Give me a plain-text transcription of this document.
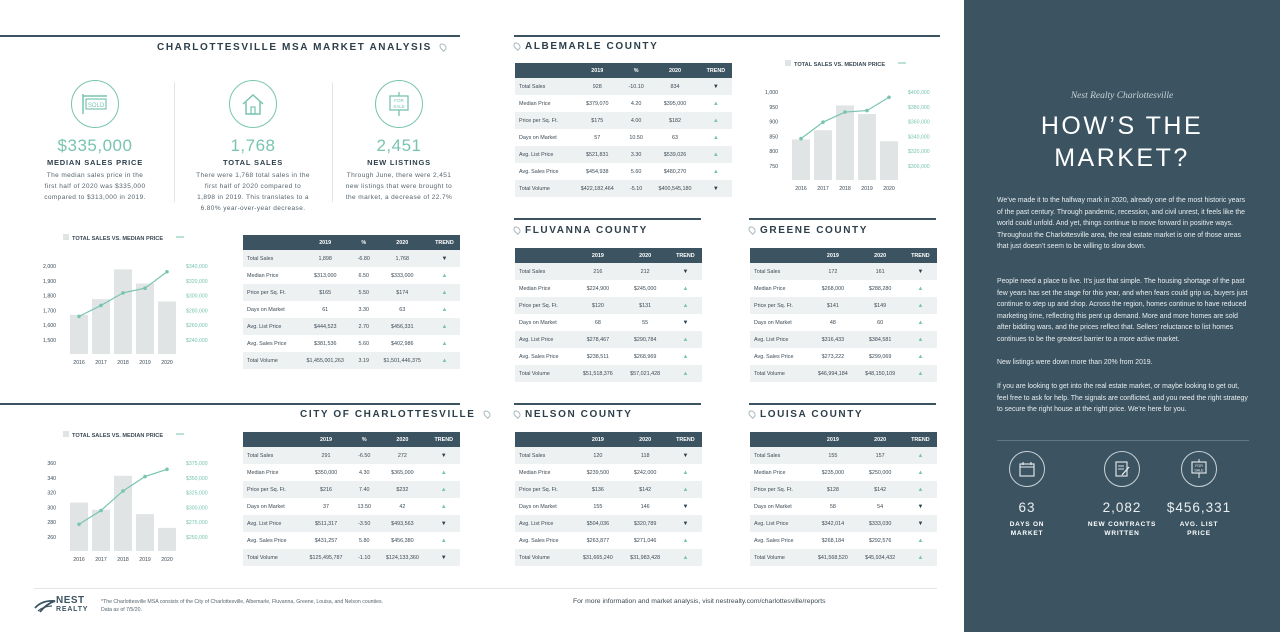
CHARLOTTESVILLE MSA MARKET ANALYSIS
SOLD
$335,000
MEDIAN SALES PRICE
The median sales price in the
first half of 2020 was $335,000
compared to $313,000 in 2019.
1,768
TOTAL SALES
There were 1,768 total sales in the
first half of 2020 compared to
1,898 in 2019. This translates to a
6.80% year-over-year decrease.
FOR
SALE
2,451
NEW LISTINGS
Through June, there were 2,451
new listings that were brought to
the market, a decrease of 22.7%
TOTAL SALES VS. MEDIAN PRICE
2,000
1,900
1,800
1,700
1,600
1,500
$340,000
$320,000
$300,000
$280,000
$260,000
$240,000
2016 2017 2018 2019 2020
	2019	%	2020	TREND
Total Sales	1,898	-6.80	1,768	▼
Median Price	$313,000	6.50	$333,000	▲
Price per Sq. Ft.	$165	5.50	$174	▲
Days on Market	61	3.30	63	▲
Avg. List Price	$444,523	2.70	$456,331	▲
Avg. Sales Price	$381,536	5.60	$402,986	▲
Total Volume	$1,455,001,263	3.19	$1,501,446,375	▲
CITY OF CHARLOTTESVILLE
TOTAL SALES VS. MEDIAN PRICE
360
340
320
300
280
260
$375,000
$350,000
$325,000
$300,000
$275,000
$250,000
2016 2017 2018 2019 2020
	2019	%	2020	TREND
Total Sales	291	-6.50	272	▼
Median Price	$350,000	4.30	$365,000	▲
Price per Sq. Ft.	$216	7.40	$232	▲
Days on Market	37	13.50	42	▲
Avg. List Price	$511,317	-3.50	$493,563	▼
Avg. Sales Price	$431,257	5.80	$456,380	▲
Total Volume	$125,495,787	-1.10	$124,133,360	▼
ALBEMARLE COUNTY
	2019	%	2020	TREND
Total Sales	928	-10.10	834	▼
Median Price	$379,070	4.20	$395,000	▲
Price per Sq. Ft.	$175	4.00	$182	▲
Days on Market	57	10.50	63	▲
Avg. List Price	$521,831	3.30	$539,026	▲
Avg. Sales Price	$454,938	5.60	$480,270	▲
Total Volume	$422,182,464	-5.10	$400,545,180	▼
TOTAL SALES VS. MEDIAN PRICE
1,000
950
900
850
800
750
$400,000
$380,000
$360,000
$340,000
$320,000
$300,000
2016 2017 2018 2019 2020
FLUVANNA COUNTY
	2019	2020	TREND
Total Sales	216	212	▼
Median Price	$224,900	$245,000	▲
Price per Sq. Ft.	$120	$131	▲
Days on Market	68	55	▼
Avg. List Price	$278,467	$290,784	▲
Avg. Sales Price	$238,511	$268,969	▲
Total Volume	$51,518,376	$57,021,428	▲
GREENE COUNTY
	2019	2020	TREND
Total Sales	172	161	▼
Median Price	$268,000	$288,280	▲
Price per Sq. Ft.	$141	$149	▲
Days on Market	48	60	▲
Avg. List Price	$316,433	$384,581	▲
Avg. Sales Price	$273,222	$299,069	▲
Total Volume	$46,994,184	$48,150,109	▲
NELSON COUNTY
	2019	2020	TREND
Total Sales	120	118	▼
Median Price	$239,500	$242,000	▲
Price per Sq. Ft.	$136	$142	▲
Days on Market	155	146	▼
Avg. List Price	$504,036	$320,789	▼
Avg. Sales Price	$263,877	$271,046	▲
Total Volume	$31,665,240	$31,983,428	▲
LOUISA COUNTY
	2019	2020	TREND
Total Sales	155	157	▲
Median Price	$235,000	$250,000	▲
Price per Sq. Ft.	$128	$142	▲
Days on Market	58	54	▼
Avg. List Price	$342,014	$333,030	▼
Avg. Sales Price	$268,184	$292,576	▲
Total Volume	$41,568,520	$45,934,432	▲
NEST
REALTY
*The Charlottesville MSA consists of the City of Charlottesville, Albemarle, Fluvanna, Greene, Louisa, and Nelson counties.
Data as of 7/5/20.
For more information and market analysis, visit nestrealty.com/charlottesville/reports
Nest Realty Charlottesville
HOW’S THE
MARKET?
We’ve made it to the halfway mark in 2020, already one of the most historic years of the past century. Through pandemic, recession, and civil unrest, it feels like the world could unfold. And yet, things continue to move forward in positive ways. Throughout the Charlottesville area, the real estate market is one of those areas that just doesn’t seem to be willing to slow down.
People need a place to live. It’s just that simple. The housing shortage of the past few years has set the stage for this year, and when fears could grip us, buyers just continue to step up and shop. Across the region, homes continue to have reduced marketing time, reflecting this pent up demand. More and more homes are sold after bidding wars, and the prices reflect that. Sellers’ reluctance to list homes continues to be the greatest barrier to a more active market.
New listings were down more than 20% from 2019.
If you are looking to get into the real estate market, or maybe looking to get out, feel free to ask for help. The signals are conflicted, and you need the right strategy to secure the right house at the right price. We’re here for you.
63
DAYS ON
MARKET
2,082
NEW CONTRACTS
WRITTEN
FOR
SALE
$456,331
AVG. LIST
PRICE
